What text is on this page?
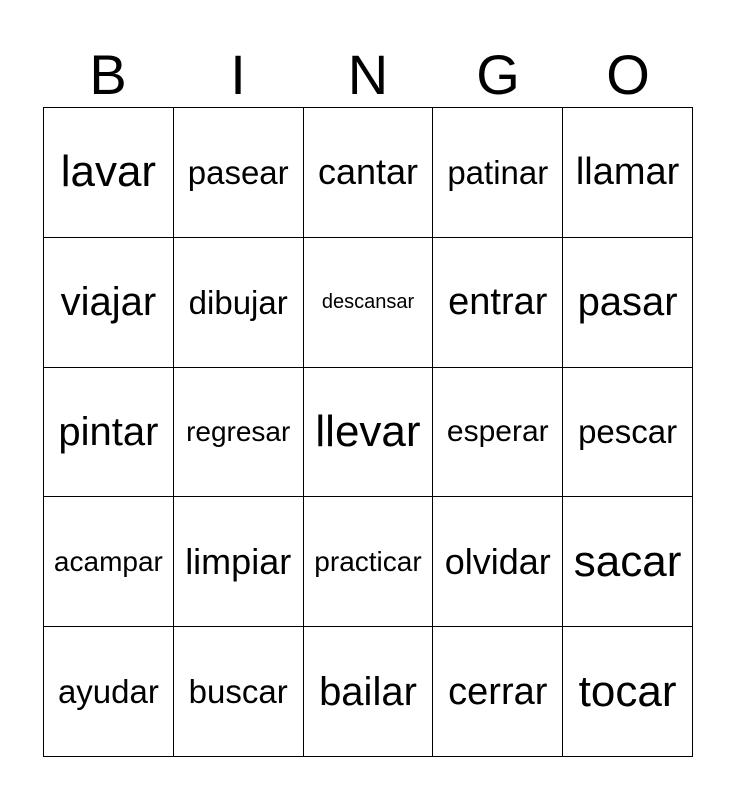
B	I	N	G	O
lavar pasear cantar patinar llamar
viajar dibujar	descansar entrar pasar
pintar regresar llevar esperar pescar
acampar limpiar practicar olvidar sacar
ayudar buscar bailar cerrar tocar
